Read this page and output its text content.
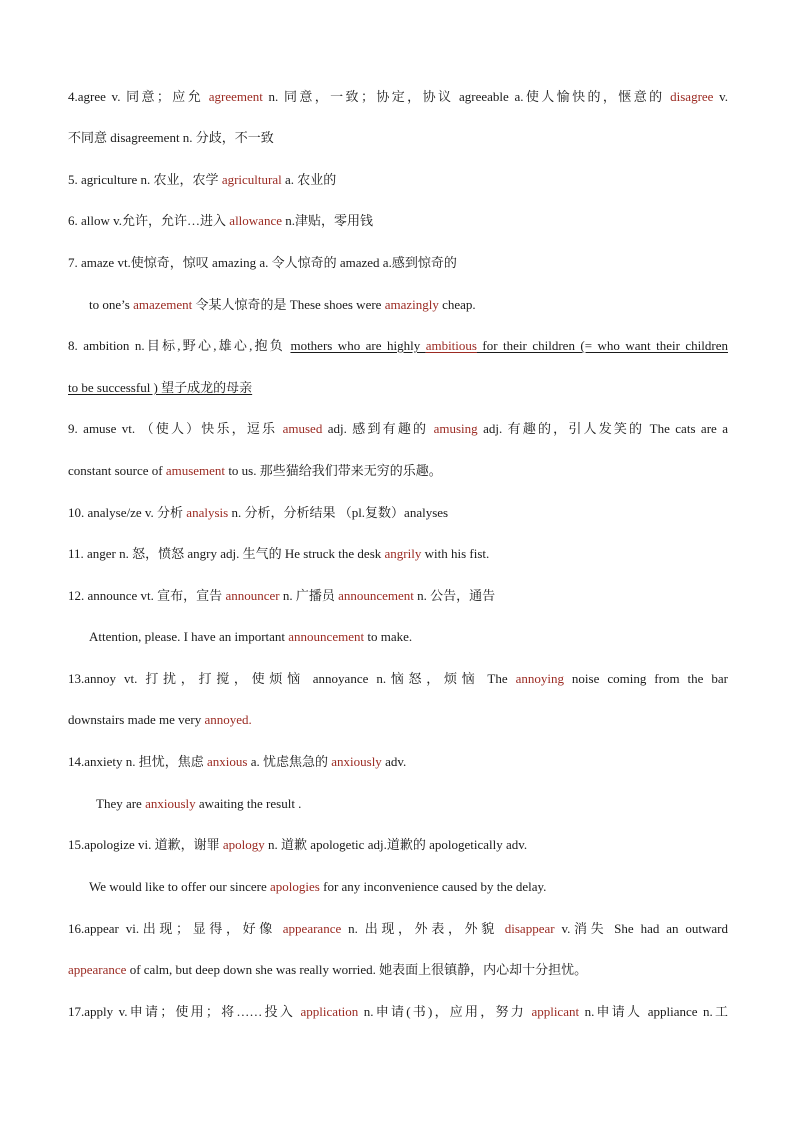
4.agree v. 同意；应允 agreement n. 同意，一致；协定，协议 agreeable a.使人愉快的，惬意的 disagree v.
不同意 disagreement n. 分歧，不一致
5. agriculture n. 农业，农学 agricultural a. 农业的
6. allow v.允许，允许…进入 allowance n.津贴，零用钱
7. amaze vt.使惊奇，惊叹 amazing a. 令人惊奇的 amazed a.感到惊奇的
to one’s amazement 令某人惊奇的是 These shoes were amazingly cheap.
8. ambition n.目标,野心,雄心,抱负 mothers who are highly ambitious for their children (= who want their children
to be successful ) 望子成龙的母亲
9. amuse vt. （使人）快乐，逗乐 amused adj. 感到有趣的 amusing adj. 有趣的，引人发笑的 The cats are a
constant source of amusement to us. 那些猫给我们带来无穷的乐趣。
10. analyse/ze v. 分析 analysis n. 分析，分析结果 （pl.复数）analyses
11. anger n. 怒，愤怒 angry adj. 生气的 He struck the desk angrily with his fist.
12. announce vt. 宣布，宣告 announcer n. 广播员 announcement n. 公告，通告
Attention, please. I have an important announcement to make.
13.annoy vt. 打扰，打搅，使烦恼 annoyance n.恼怒，烦恼 The annoying noise coming from the bar
downstairs made me very annoyed.
14.anxiety n. 担忧，焦虑 anxious a. 忧虑焦急的 anxiously adv.
They are anxiously awaiting the result .
15.apologize vi. 道歉，谢罪 apology n. 道歉 apologetic adj.道歉的 apologetically adv.
We would like to offer our sincere apologies for any inconvenience caused by the delay.
16.appear vi.出现；显得，好像 appearance n. 出现，外表，外貌 disappear v.消失 She had an outward
appearance of calm, but deep down she was really worried. 她表面上很镇静，内心却十分担忧。
17.apply v.申请；使用；将……投入 application n.申请(书)，应用，努力 applicant n.申请人 appliance n.工
